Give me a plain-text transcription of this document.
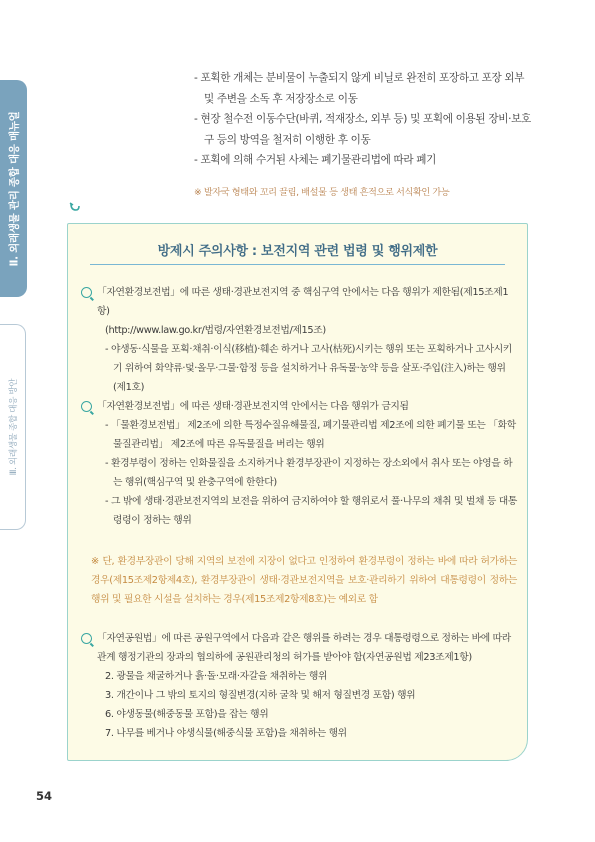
Ⅱ. 외래생물 관리 종합 대응 매뉴얼
Ⅲ. 외래생물 종합 대응 방안
- 포획한 개체는 분비물이 누출되지 않게 비닐로 완전히 포장하고 포장 외부 및 주변을 소독 후 저장장소로 이동
- 현장 철수전 이동수단(바퀴, 적재장소, 외부 등) 및 포획에 이용된 장비·보호구 등의 방역을 철저히 이행한 후 이동
- 포획에 의해 수거된 사체는 폐기물관리법에 따라 폐기
※ 발자국 형태와 꼬리 끌림, 배설물 등 생태 흔적으로 서식확인 가능
방제시 주의사항 : 보전지역 관련 법령 및 행위제한
「자연환경보전법」에 따른 생태·경관보전지역 중 핵심구역 안에서는 다음 행위가 제한됨(제15조제1항)
(http://www.law.go.kr/법령/자연환경보전법/제15조)
- 야생동·식물을 포획·채취·이식(移植)·훼손 하거나 고사(枯死)시키는 행위 또는 포획하거나 고사시키기 위하여 화약류·덫·올무·그물·함정 등을 설치하거나 유독물·농약 등을 살포·주입(注入)하는 행위(제1호)
「자연환경보전법」에 따른 생태·경관보전지역 안에서는 다음 행위가 금지됨
- 「물환경보전법」 제2조에 의한 특정수질유해물질, 폐기물관리법 제2조에 의한 폐기물 또는 「화학물질관리법」 제2조에 따른 유독물질을 버리는 행위
- 환경부령이 정하는 인화물질을 소지하거나 환경부장관이 지정하는 장소외에서 취사 또는 야영을 하는 행위(핵심구역 및 완충구역에 한한다)
- 그 밖에 생태·경관보전지역의 보전을 위하여 금지하여야 할 행위로서 풀·나무의 채취 및 벌채 등 대통령령이 정하는 행위
※ 단, 환경부장관이 당해 지역의 보전에 지장이 없다고 인정하여 환경부령이 정하는 바에 따라 허가하는 경우(제15조제2항제4호), 환경부장관이 생태·경관보전지역을 보호·관리하기 위하여 대통령령이 정하는 행위 및 필요한 시설을 설치하는 경우(제15조제2항제8호)는 예외로 함
「자연공원법」에 따른 공원구역에서 다음과 같은 행위를 하려는 경우 대통령령으로 정하는 바에 따라 관계 행정기관의 장과의 협의하에 공원관리청의 허가를 받아야 함(자연공원법 제23조제1항)
2. 광물을 채굴하거나 흙·돌·모래·자갈을 채취하는 행위
3. 개간이나 그 밖의 토지의 형질변경(지하 굴착 및 해저 형질변경 포함) 행위
6. 야생동물(해중동물 포함)을 잡는 행위
7. 나무를 베거나 야생식물(해중식물 포함)을 채취하는 행위
54
